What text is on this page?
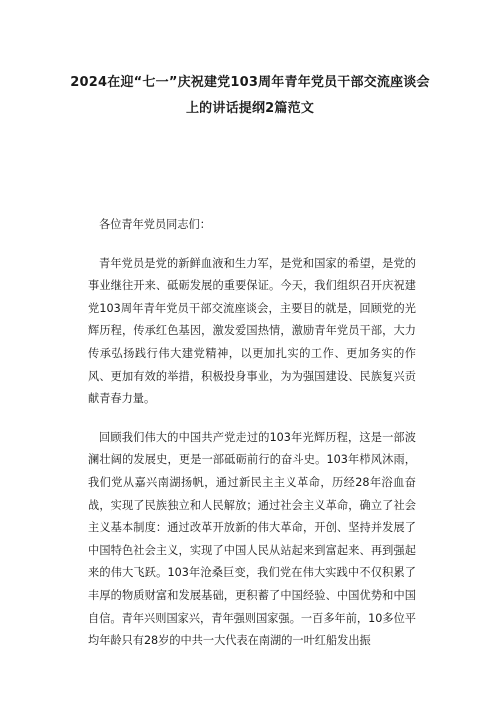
2024在迎“七一”庆祝建党103周年青年党员干部交流座谈会
上的讲话提纲2篇范文

各位青年党员同志们：

青年党员是党的新鲜血液和生力军，是党和国家的希望，是党的事业继往开来、砥砺发展的重要保证。今天，我们组织召开庆祝建党103周年青年党员干部交流座谈会，主要目的就是，回顾党的光辉历程，传承红色基因，激发爱国热情，激励青年党员干部，大力传承弘扬践行伟大建党精神，以更加扎实的工作、更加务实的作风、更加有效的举措，积极投身事业，为为强国建设、民族复兴贡献青春力量。

回顾我们伟大的中国共产党走过的103年光辉历程，这是一部波澜壮阔的发展史，更是一部砥砺前行的奋斗史。103年栉风沐雨，我们党从嘉兴南湖扬帆，通过新民主主义革命，历经28年浴血奋战，实现了民族独立和人民解放；通过社会主义革命，确立了社会主义基本制度：通过改革开放新的伟大革命，开创、坚持并发展了中国特色社会主义，实现了中国人民从站起来到富起来、再到强起来的伟大飞跃。103年沧桑巨变，我们党在伟大实践中不仅积累了丰厚的物质财富和发展基础，更积蓄了中国经验、中国优势和中国自信。青年兴则国家兴，青年强则国家强。一百多年前，10多位平均年龄只有28岁的中共一大代表在南湖的一叶红船发出振
